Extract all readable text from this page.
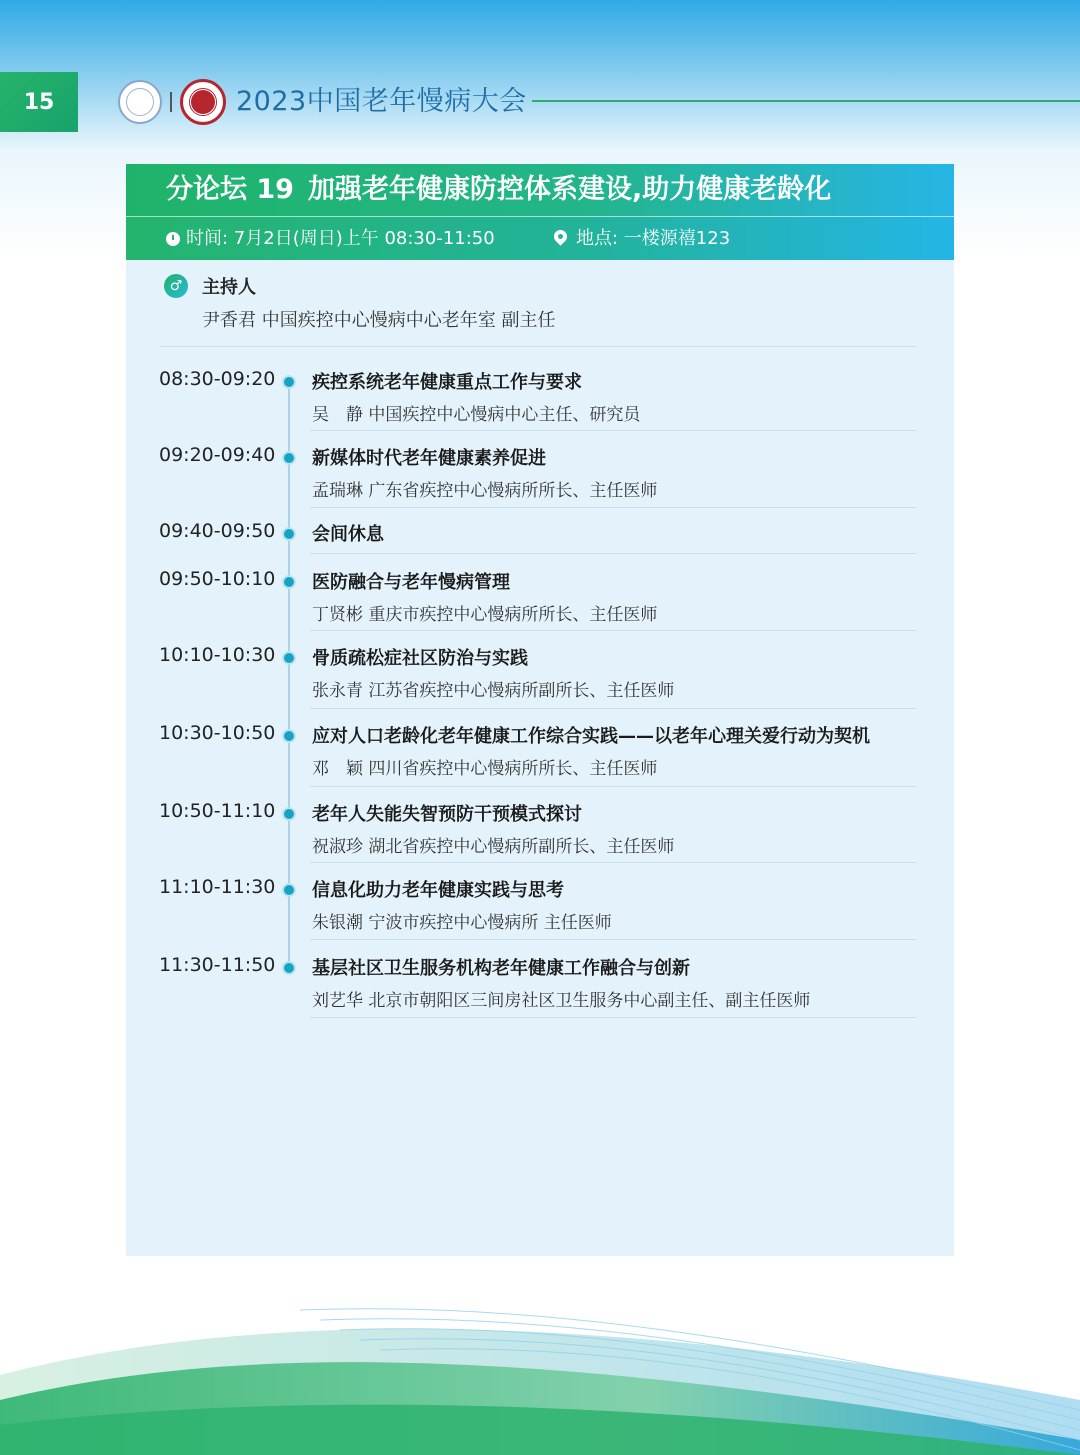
15	2023中国老年慢病大会
分论坛 19 加强老年健康防控体系建设,助力健康老龄化
时间: 7月2日(周日)上午 08:30-11:50	地点: 一楼源禧123
♂	主持人
尹香君 中国疾控中心慢病中心老年室 副主任
08:30-09:20 疾控系统老年健康重点工作与要求
吴　静 中国疾控中心慢病中心主任、研究员
09:20-09:40 新媒体时代老年健康素养促进
孟瑞琳 广东省疾控中心慢病所所长、主任医师
09:40-09:50 会间休息
09:50-10:10 医防融合与老年慢病管理
丁贤彬 重庆市疾控中心慢病所所长、主任医师
10:10-10:30 骨质疏松症社区防治与实践
张永青 江苏省疾控中心慢病所副所长、主任医师
10:30-10:50 应对人口老龄化老年健康工作综合实践——以老年心理关爱行动为契机
邓　颖 四川省疾控中心慢病所所长、主任医师
10:50-11:10 老年人失能失智预防干预模式探讨
祝淑珍 湖北省疾控中心慢病所副所长、主任医师
11:10-11:30 信息化助力老年健康实践与思考
朱银潮 宁波市疾控中心慢病所 主任医师
11:30-11:50 基层社区卫生服务机构老年健康工作融合与创新
刘艺华 北京市朝阳区三间房社区卫生服务中心副主任、副主任医师
